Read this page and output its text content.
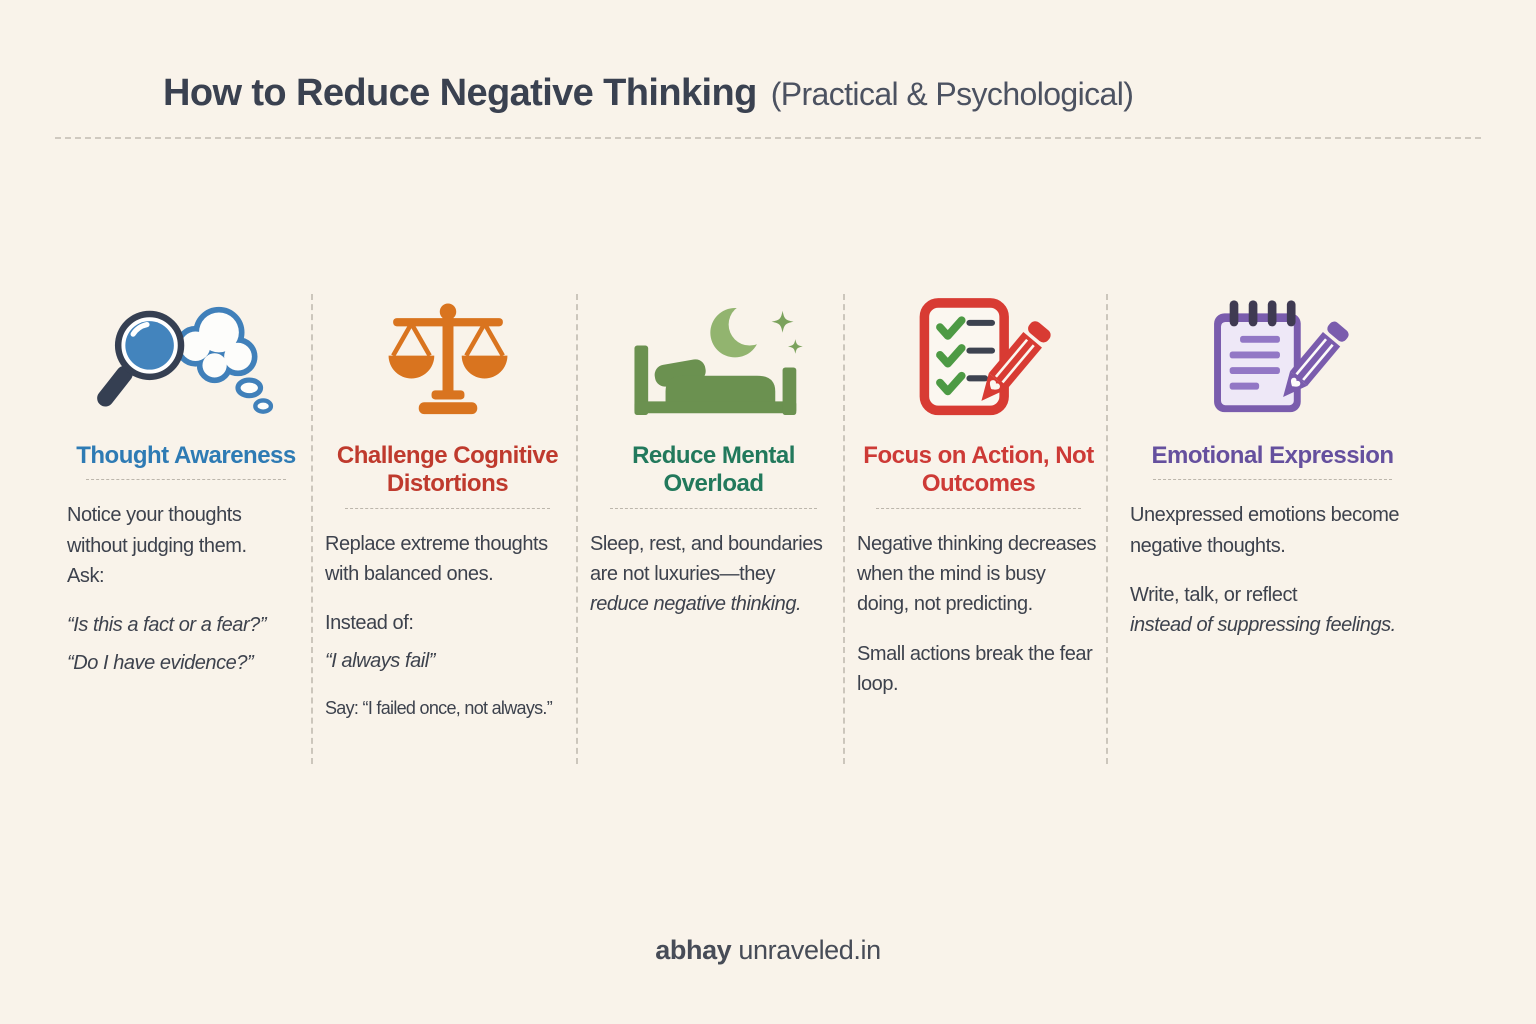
How to Reduce Negative Thinking (Practical & Psychological)
Thought Awareness

Notice your thoughts without judging them.

Ask:

“Is this a fact or a fear?”

“Do I have evidence?”

Challenge Cognitive Distortions

Replace extreme thoughts with balanced ones.

Instead of:

“I always fail”

Say: “I failed once, not always.”

Reduce Mental Overload

Sleep, rest, and boundaries are not luxuries—they

reduce negative thinking.

Focus on Action, Not Outcomes

Negative thinking decreases when the mind is busy doing, not predicting.

Small actions break the fear loop.

Emotional Expression

Unexpressed emotions become negative thoughts.

Write, talk, or reflect

instead of suppressing feelings.

abhay unraveled.in
